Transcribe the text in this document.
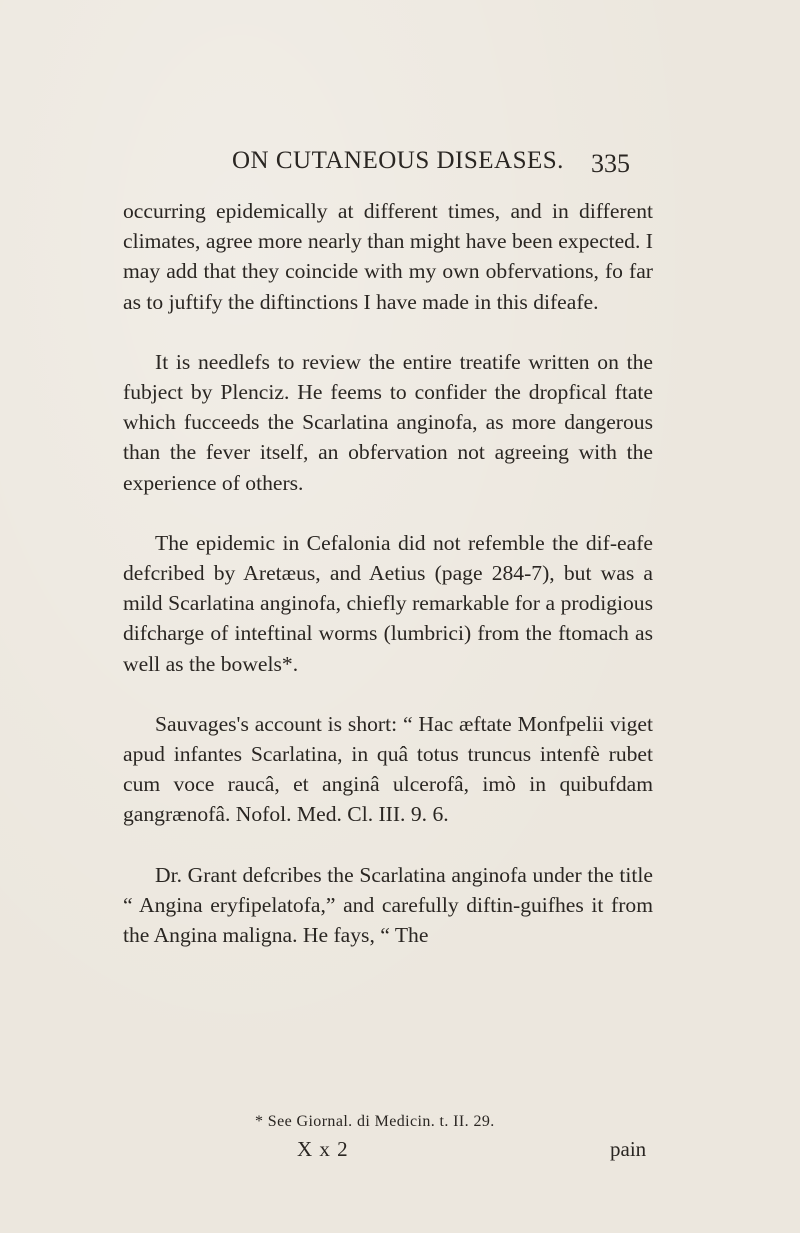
ON CUTANEOUS DISEASES. 335

occurring epidemically at different times, and in different climates, agree more nearly than might have been expected. I may add that they coincide with my own obfervations, fo far as to juftify the diftinctions I have made in this difeafe.

It is needlefs to review the entire treatife written on the fubject by Plenciz. He feems to confider the dropfical ftate which fucceeds the Scarlatina anginofa, as more dangerous than the fever itself, an obfervation not agreeing with the experience of others.

The epidemic in Cefalonia did not refemble the dif-eafe defcribed by Aretæus, and Aetius (page 284-7), but was a mild Scarlatina anginofa, chiefly remarkable for a prodigious difcharge of inteftinal worms (lumbrici) from the ftomach as well as the bowels*.

Sauvages's account is short: “ Hac æftate Monfpelii viget apud infantes Scarlatina, in quâ totus truncus intenfè rubet cum voce raucâ, et anginâ ulcerofâ, imò in quibufdam gangrænofâ. Nofol. Med. Cl. III. 9. 6.

Dr. Grant defcribes the Scarlatina anginofa under the title “ Angina eryfipelatofa,” and carefully diftin-guifhes it from the Angina maligna. He fays, “ The

* See Giornal. di Medicin. t. II. 29.
X x 2	pain
